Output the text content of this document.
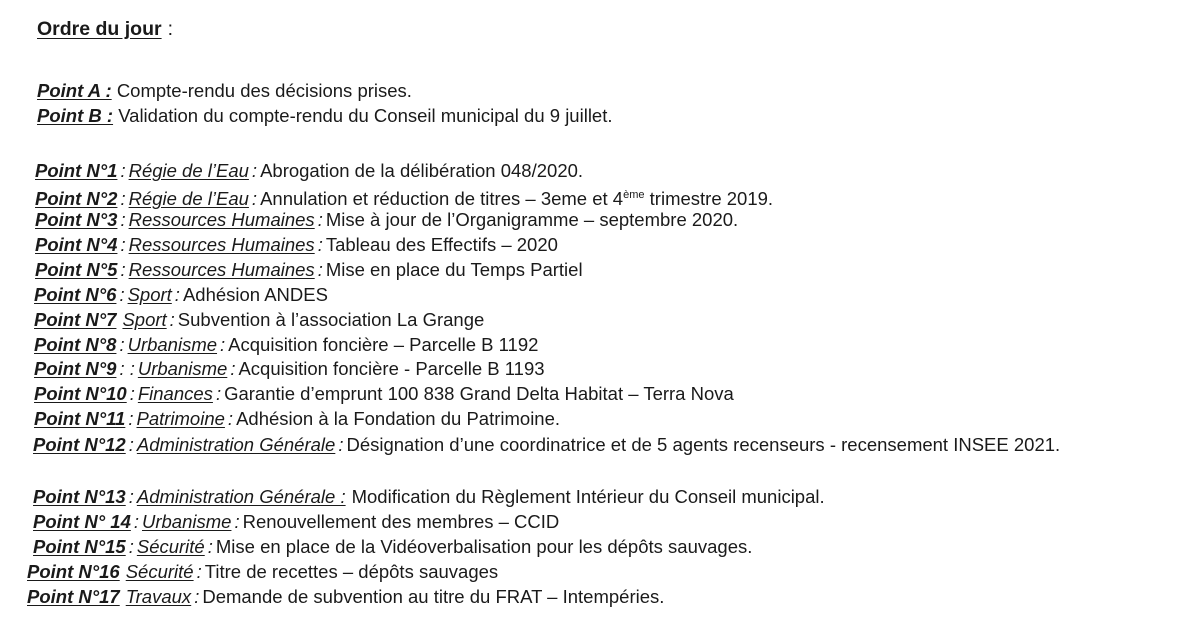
Ordre du jour :
Point A : Compte-rendu des décisions prises.
Point B : Validation du compte-rendu du Conseil municipal du 9 juillet.
Point N°1 : Régie de l’Eau : Abrogation de la délibération 048/2020.
Point N°2 : Régie de l’Eau : Annulation et réduction de titres – 3eme et 4ème trimestre 2019.
Point N°3 : Ressources Humaines : Mise à jour de l’Organigramme – septembre 2020.
Point N°4 : Ressources Humaines : Tableau des Effectifs – 2020
Point N°5 : Ressources Humaines : Mise en place du Temps Partiel
Point N°6 : Sport : Adhésion ANDES
Point N°7 Sport : Subvention à l’association La Grange
Point N°8 : Urbanisme : Acquisition foncière – Parcelle B 1192
Point N°9 : : Urbanisme : Acquisition foncière - Parcelle B 1193
Point N°10 : Finances : Garantie d’emprunt 100 838 Grand Delta Habitat – Terra Nova
Point N°11 : Patrimoine : Adhésion à la Fondation du Patrimoine.
Point N°12 : Administration Générale : Désignation d’une coordinatrice et de 5 agents recenseurs - recensement INSEE 2021.
Point N°13 : Administration Générale : Modification du Règlement Intérieur du Conseil municipal.
Point N° 14 : Urbanisme : Renouvellement des membres – CCID
Point N°15 : Sécurité : Mise en place de la Vidéoverbalisation pour les dépôts sauvages.
Point N°16 Sécurité : Titre de recettes – dépôts sauvages
Point N°17 Travaux : Demande de subvention au titre du FRAT – Intempéries.
